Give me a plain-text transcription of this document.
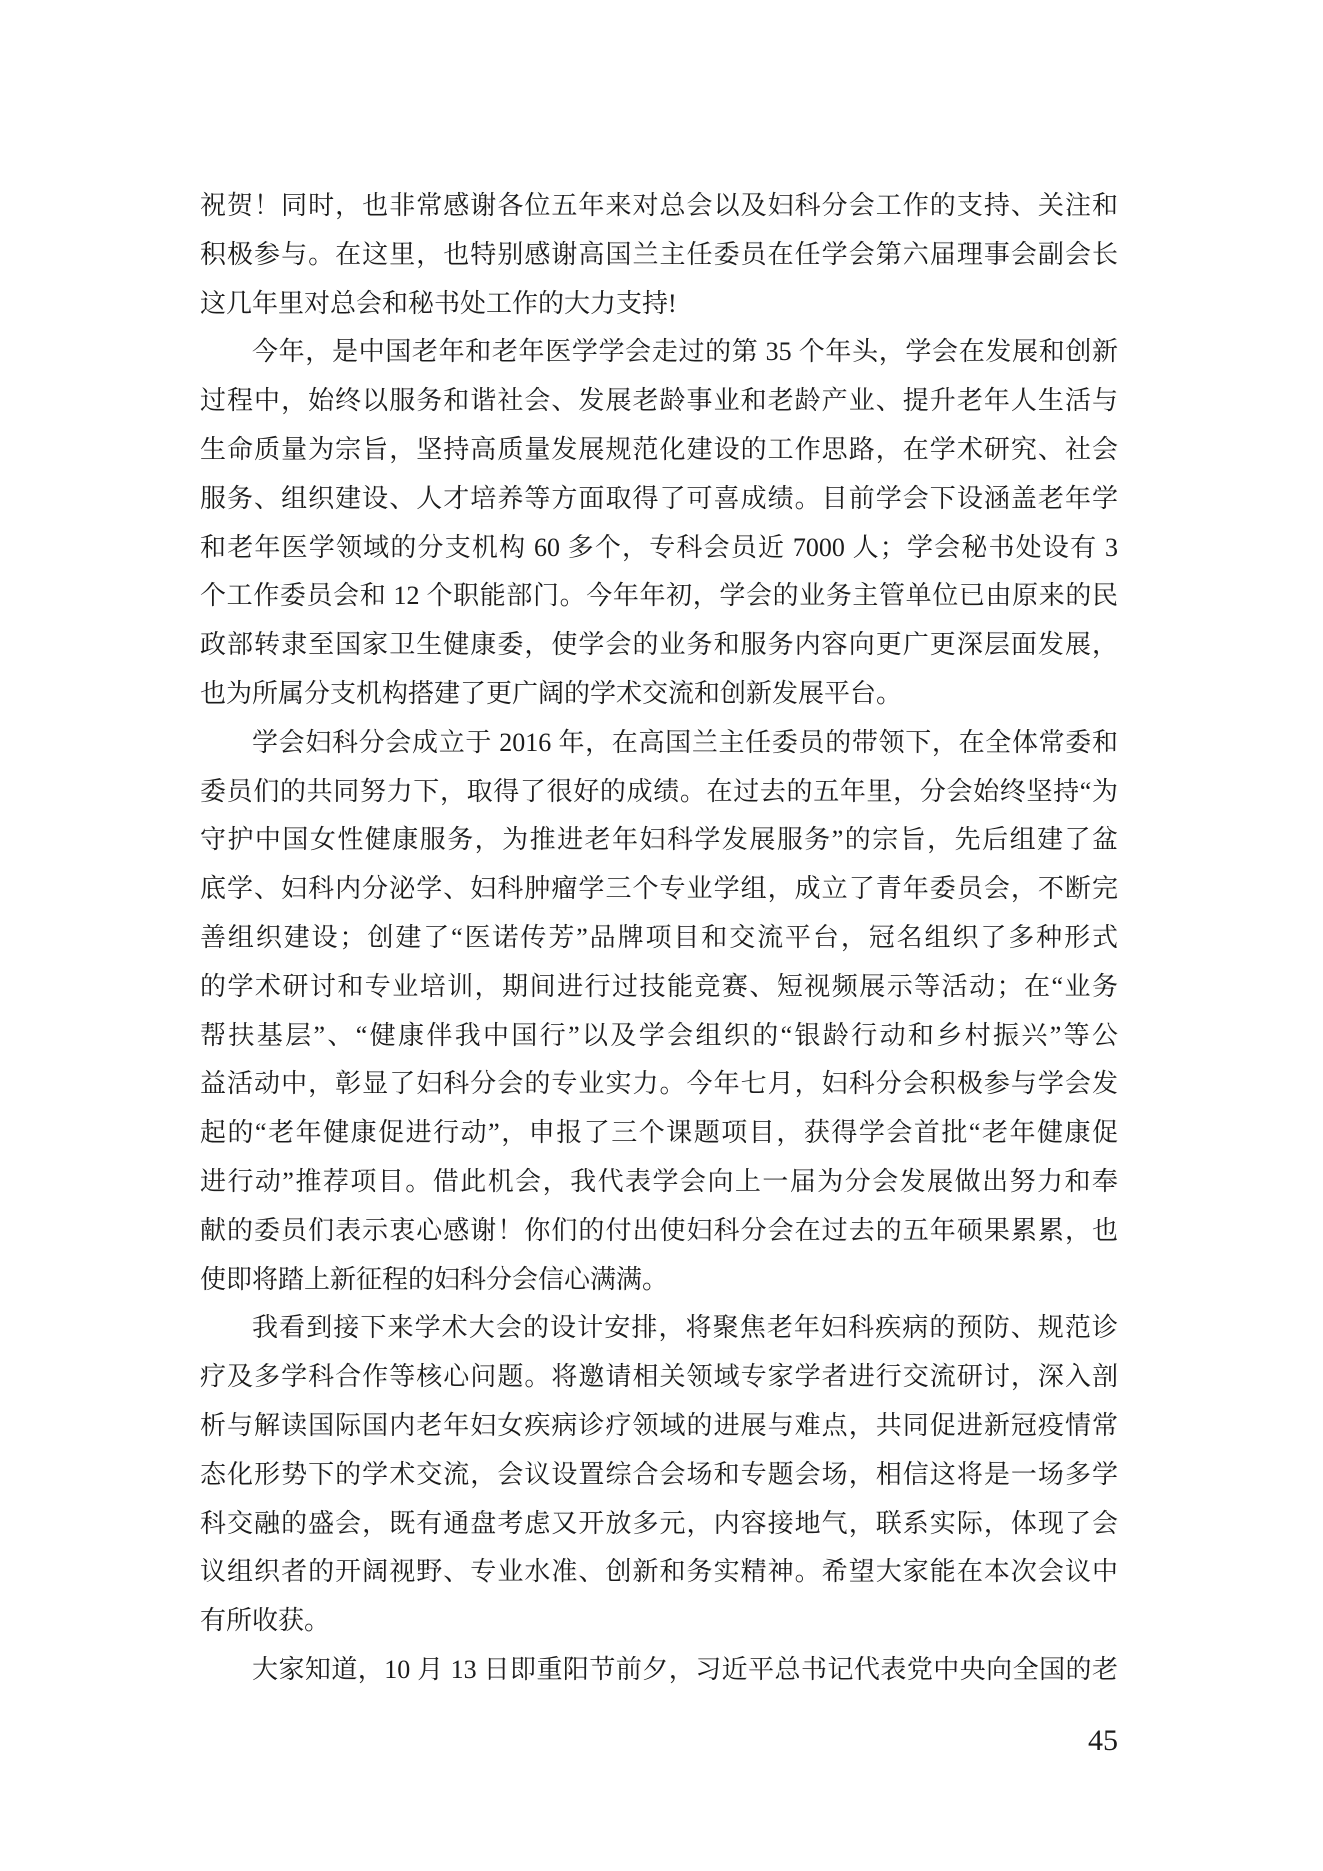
祝贺！同时，也非常感谢各位五年来对总会以及妇科分会工作的支持、关注和
积极参与。在这里，也特别感谢高国兰主任委员在任学会第六届理事会副会长
这几年里对总会和秘书处工作的大力支持!
今年，是中国老年和老年医学学会走过的第 35 个年头，学会在发展和创新
过程中，始终以服务和谐社会、发展老龄事业和老龄产业、提升老年人生活与
生命质量为宗旨，坚持高质量发展规范化建设的工作思路，在学术研究、社会
服务、组织建设、人才培养等方面取得了可喜成绩。目前学会下设涵盖老年学
和老年医学领域的分支机构 60 多个，专科会员近 7000 人；学会秘书处设有 3
个工作委员会和 12 个职能部门。今年年初，学会的业务主管单位已由原来的民
政部转隶至国家卫生健康委，使学会的业务和服务内容向更广更深层面发展，
也为所属分支机构搭建了更广阔的学术交流和创新发展平台。
学会妇科分会成立于 2016 年，在高国兰主任委员的带领下，在全体常委和
委员们的共同努力下，取得了很好的成绩。在过去的五年里，分会始终坚持“为
守护中国女性健康服务，为推进老年妇科学发展服务”的宗旨，先后组建了盆
底学、妇科内分泌学、妇科肿瘤学三个专业学组，成立了青年委员会，不断完
善组织建设；创建了“医诺传芳”品牌项目和交流平台，冠名组织了多种形式
的学术研讨和专业培训，期间进行过技能竞赛、短视频展示等活动；在“业务
帮扶基层”、“健康伴我中国行”以及学会组织的“银龄行动和乡村振兴”等公
益活动中，彰显了妇科分会的专业实力。今年七月，妇科分会积极参与学会发
起的“老年健康促进行动”，申报了三个课题项目，获得学会首批“老年健康促
进行动”推荐项目。借此机会，我代表学会向上一届为分会发展做出努力和奉
献的委员们表示衷心感谢！你们的付出使妇科分会在过去的五年硕果累累，也
使即将踏上新征程的妇科分会信心满满。
我看到接下来学术大会的设计安排，将聚焦老年妇科疾病的预防、规范诊
疗及多学科合作等核心问题。将邀请相关领域专家学者进行交流研讨，深入剖
析与解读国际国内老年妇女疾病诊疗领域的进展与难点，共同促进新冠疫情常
态化形势下的学术交流，会议设置综合会场和专题会场，相信这将是一场多学
科交融的盛会，既有通盘考虑又开放多元，内容接地气，联系实际，体现了会
议组织者的开阔视野、专业水准、创新和务实精神。希望大家能在本次会议中
有所收获。
大家知道，10 月 13 日即重阳节前夕，习近平总书记代表党中央向全国的老
45
